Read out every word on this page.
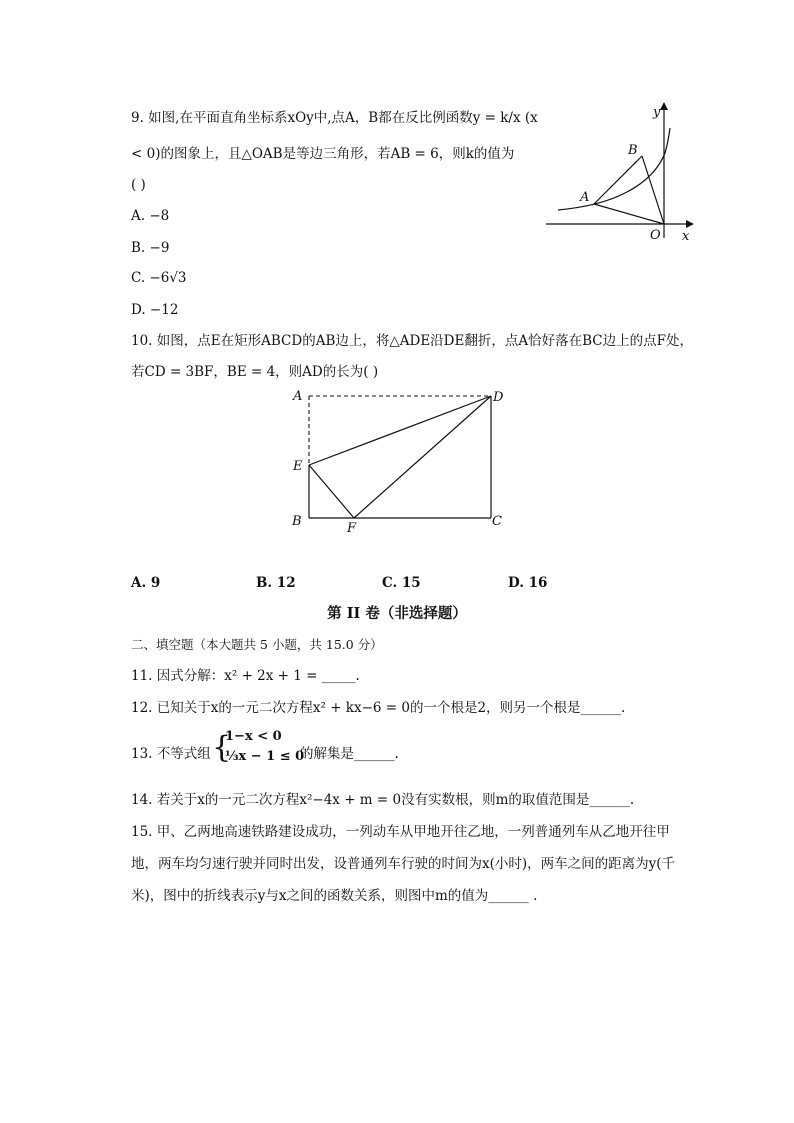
9. 如图,在平面直角坐标系xOy中,点A，B都在反比例函数y = k/x (x
< 0)的图象上，且△OAB是等边三角形，若AB = 6，则k的值为
( )
A. −8
B. −9
C. −6√3
D. −12
x
y
O
A
B
10. 如图，点E在矩形ABCD的AB边上，将△ADE沿DE翻折，点A恰好落在BC边上的点F处，
若CD = 3BF，BE = 4，则AD的长为( )
A	D
E
B	F	C
A. 9	B. 12	C. 15	D. 16
第 II 卷（非选择题）
二、填空题（本大题共 5 小题，共 15.0 分）
11. 因式分解：x² + 2x + 1 = _____.
12. 已知关于x的一元二次方程x² + kx−6 = 0的一个根是2，则另一个根是______.
13. 不等式组 {
1−x < 0
⅓x − 1 ≤ 0
的解集是______.
14. 若关于x的一元二次方程x²−4x + m = 0没有实数根，则m的取值范围是______.
15. 甲、乙两地高速铁路建设成功，一列动车从甲地开往乙地，一列普通列车从乙地开往甲
地，两车均匀速行驶并同时出发，设普通列车行驶的时间为x(小时)，两车之间的距离为y(千
米)，图中的折线表示y与x之间的函数关系，则图中m的值为______ .
